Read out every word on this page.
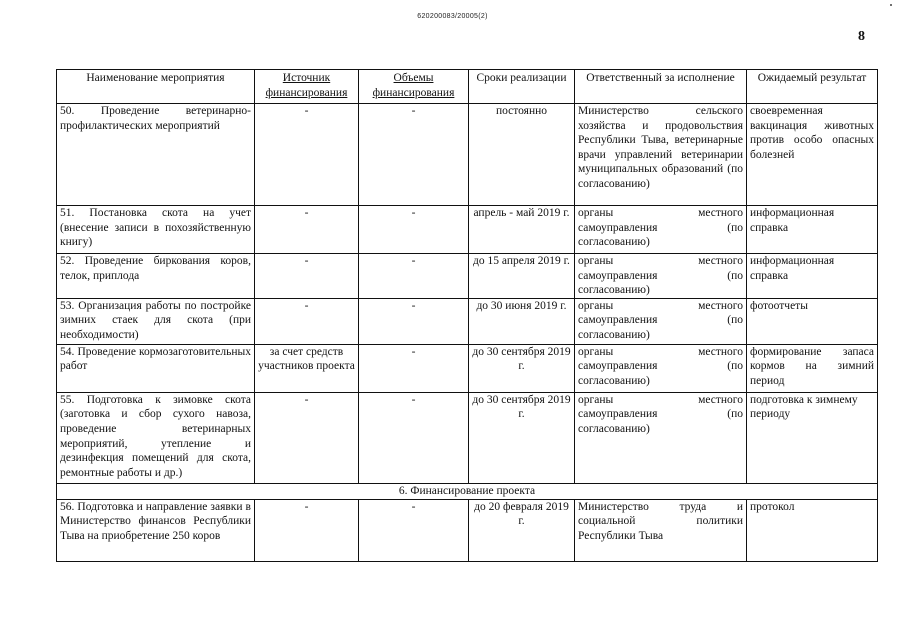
620200083/20005(2)
8
Наименование мероприятия	Источник финансирования	Объемы финансирования	Сроки реализации	Ответственный за исполнение	Ожидаемый результат
50. Проведение ветеринарно-профилактических мероприятий	-	-	постоянно	Министерство сельского хозяйства и продовольствия Республики Тыва, ветеринарные врачи управлений ветеринарии муниципальных образований (по согласованию)	своевременная вакцинация животных против особо опасных болезней
51. Постановка скота на учет (внесение записи в похозяйственную книгу)	-	-	апрель - май 2019 г.	органы местного самоуправления (по согласованию)	информационная справка
52. Проведение биркования коров, телок, приплода	-	-	до 15 апреля 2019 г.	органы местного самоуправления (по согласованию)	информационная справка
53. Организация работы по постройке зимних стаек для скота (при необходимости)	-	-	до 30 июня 2019 г.	органы местного самоуправления (по согласованию)	фотоотчеты
54. Проведение кормозаготовительных работ	за счет средств участников проекта	-	до 30 сентября 2019 г.	органы местного самоуправления (по согласованию)	формирование запаса кормов на зимний период
55. Подготовка к зимовке скота (заготовка и сбор сухого навоза, проведение ветеринарных мероприятий, утепление и дезинфекция помещений для скота, ремонтные работы и др.)	-	-	до 30 сентября 2019 г.	органы местного самоуправления (по согласованию)	подготовка к зимнему периоду
6. Финансирование проекта					
56. Подготовка и направление заявки в Министерство финансов Республики Тыва на приобретение 250 коров	-	-	до 20 февраля 2019 г.	Министерство труда и социальной политики Республики Тыва	протокол
